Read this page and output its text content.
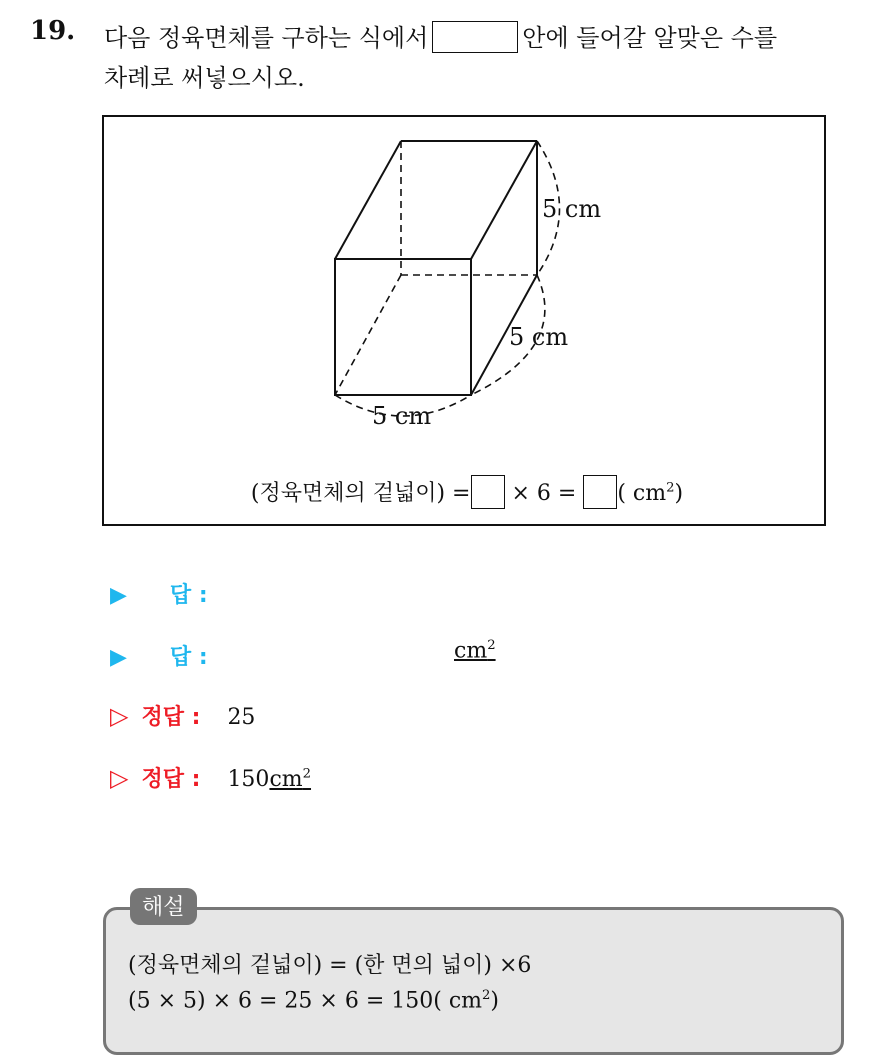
19. 다음 정육면체를 구하는 식에서	안에 들어갈 알맞은 수를
차례로 써넣으시오.
5 cm
5 cm
5 cm
(정육면체의 겉넓이) = × 6 = ( $cm^2$)
▶ 답 :
▶ 답 :	$cm^2$
▷ 정답 : 25
▷ 정답 : $150cm^2$
해설
(정육면체의 겉넓이) = (한 면의 넓이) ×6
(5 × 5) × 6 = 25 × 6 = 150( $cm^2$)
